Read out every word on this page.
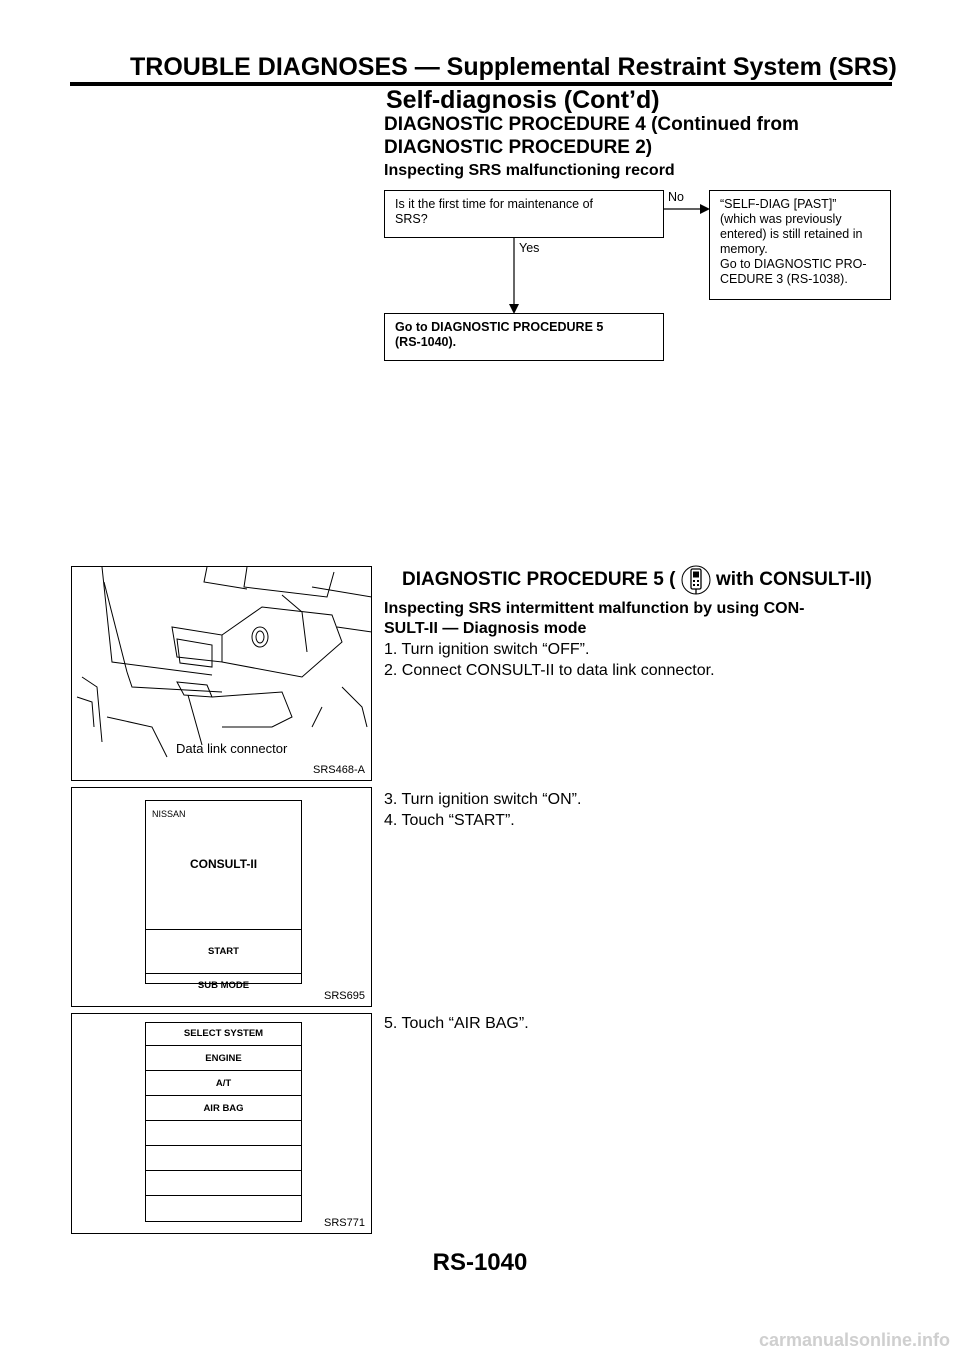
TROUBLE DIAGNOSES — Supplemental Restraint System (SRS)
Self-diagnosis (Cont’d)
DIAGNOSTIC PROCEDURE 4 (Continued from
DIAGNOSTIC PROCEDURE 2)
Inspecting SRS malfunctioning record
Is it the first time for maintenance of
SRS?
No	“SELF-DIAG [PAST]”
(which was previously
entered) is still retained in
memory.
Go to DIAGNOSTIC PRO-
CEDURE 3 (RS-1038).
Yes
Go to DIAGNOSTIC PROCEDURE 5
(RS-1040).
DIAGNOSTIC PROCEDURE 5 ( with CONSULT-II)
Inspecting SRS intermittent malfunction by using CON-
SULT-II — Diagnosis mode
1. Turn ignition switch “OFF”.
2. Connect CONSULT-II to data link connector.
3. Turn ignition switch “ON”.
4. Touch “START”.
5. Touch “AIR BAG”.
Data link connector
SRS468-A
NISSAN
CONSULT-II
START
SUB MODE
SRS695
SELECT SYSTEM
ENGINE
A/T
AIR BAG
SRS771
RS-1040
carmanualsonline.info
